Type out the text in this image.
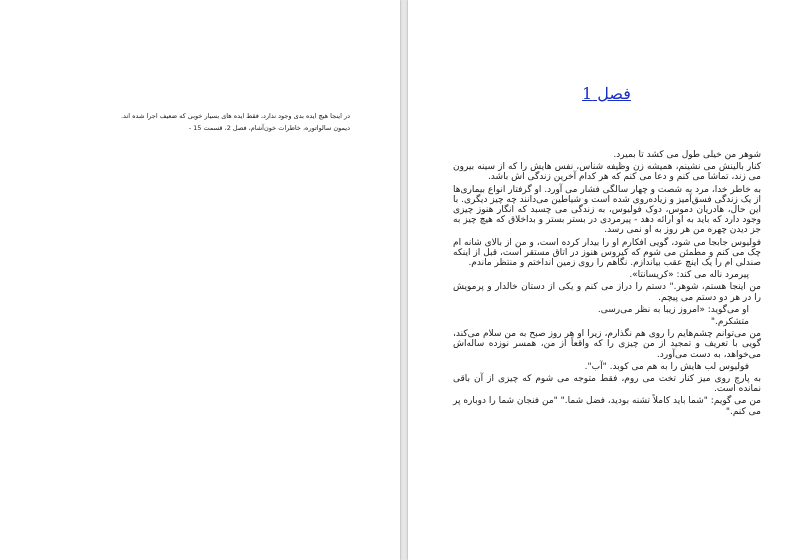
در اینجا هیچ ایده بدی وجود ندارد، فقط ایده های بسیار خوبی که ضعیف اجرا شده اند.
دیمون سالواتوره، خاطرات خون‌آشام، فصل 2، قسمت 15 -
فصل 1

شوهر من خیلی طول می کشد تا بمیرد.

کنار بالینش می نشینم، همیشه زن وظیفه شناس، نفس هایش را که از سینه بیرون می زند، تماشا می کنم و دعا می کنم که هر کدام آخرین زندگی اش باشد.

به خاطر خدا، مرد به شصت و چهار سالگی فشار می آورد. او گرفتار انواع بیماری‌ها از یک زندگی فسق‌آمیز و زیاده‌روی شده است و شیاطین می‌دانند چه چیز دیگری. با این حال، هادریان دموس، دوک فولیوس، به زندگی می چسبد که انگار هنوز چیزی وجود دارد که باید به او ارائه دهد - پیرمردی در بستر بستر و بداخلاق که هیچ چیز به جز دیدن چهره من هر روز به او نمی رسد.

فولیوس جابجا می شود، گویی افکارم او را بیدار کرده است، و من از بالای شانه ام چک می کنم و مطمئن می شوم که کیروس هنوز در اتاق مستقر است، قبل از اینکه صندلی ام را یک اینچ عقب بیاندازم. نگاهم را روی زمین انداختم و منتظر ماندم.

پیرمرد ناله می کند: «کریسانتا».

من اینجا هستم، شوهر." دستم را دراز می کنم و یکی از دستان خالدار و پرمویش را در هر دو دستم می پیچم.

او می‌گوید: «امروز زیبا به نظر می‌رسی.

متشکرم."

من می‌توانم چشم‌هایم را روی هم نگذارم، زیرا او هر روز صبح به من سلام می‌کند، گویی با تعریف و تمجید از من چیزی را که واقعاً از من، همسر نوزده ساله‌اش می‌خواهد، به دست می‌آورد.

فولیوس لب هایش را به هم می کوبد. "آب".

به پارچ روی میز کنار تخت می روم، فقط متوجه می شوم که چیزی از آن باقی نمانده است.

من می گویم: "شما باید کاملاً تشنه بودید، فضل شما." "من فنجان شما را دوباره پر می کنم."
